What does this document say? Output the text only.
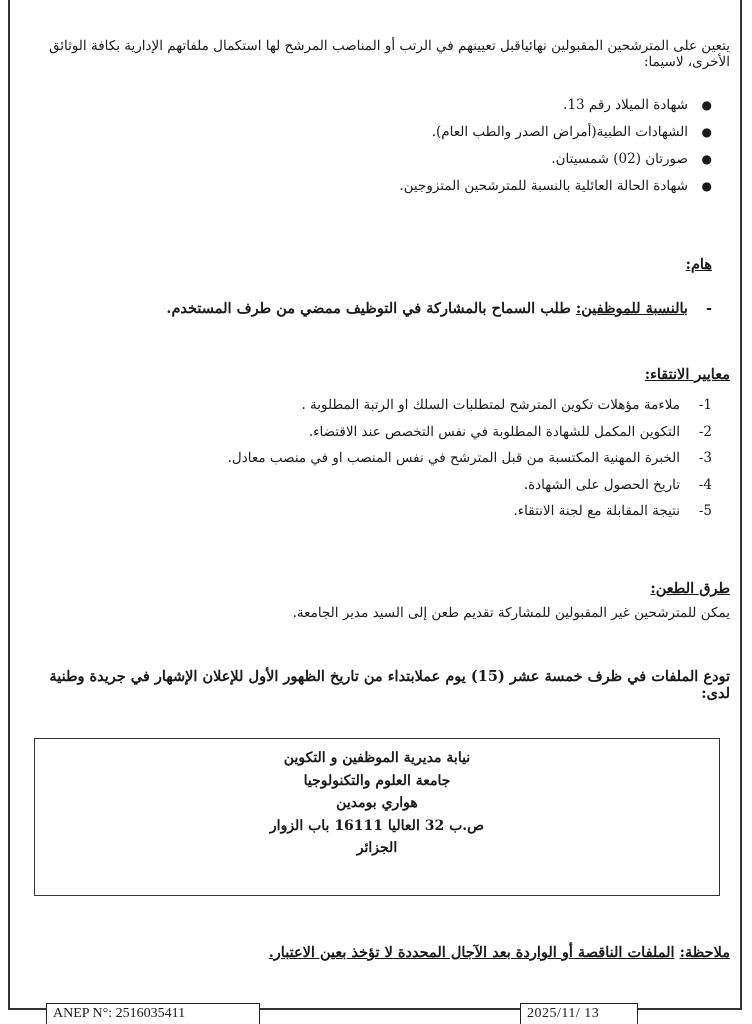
يتعين على المترشحين المقبولين نهائياقبل تعيينهم في الرتب أو المناصب المرشح لها استكمال ملفاتهم الإدارية بكافة الوثائق الأخرى، لاسيما:
●
شهادة الميلاد رقم 13.
●
الشهادات الطبية(أمراض الصدر والطب العام).
●
صورتان (02) شمسيتان.
●
شهادة الحالة العائلية بالنسبة للمترشحين المتزوجين.
هام:
-بالنسبة للموظفين: طلب السماح بالمشاركة في التوظيف ممضي من طرف المستخدم.
معايير الانتقاء:
1-
ملاءمة مؤهلات تكوين المترشح لمتطلبات السلك او الرتبة المطلوبة .
2-
التكوين المكمل للشهادة المطلوبة في نفس التخصص عند الاقتضاء.
3-
الخبرة المهنية المكتسبة من قبل المترشح في نفس المنصب او في منصب معادل.
4-
تاريخ الحصول على الشهادة.
5-
نتيجة المقابلة مع لجنة الانتقاء.
طرق الطعن:
يمكن للمترشحين غير المقبولين للمشاركة تقديم طعن إلى السيد مدير الجامعة.
تودع الملفات في ظرف خمسة عشر (15) يوم عملابتداء من تاريخ الظهور الأول للإعلان الإشهار في جريدة وطنية لدى:
نيابة مديرية الموظفين و التكوين
جامعة العلوم والتكنولوجيا
هواري بومدين
ص.ب 32 العاليا 16111 باب الزوار
الجزائر
ملاحظة: الملفات الناقصة أو الواردة بعد الآجال المحددة لا تؤخذ بعين الاعتبار.
ANEP N°: 2516035411	2025/11/ 13
